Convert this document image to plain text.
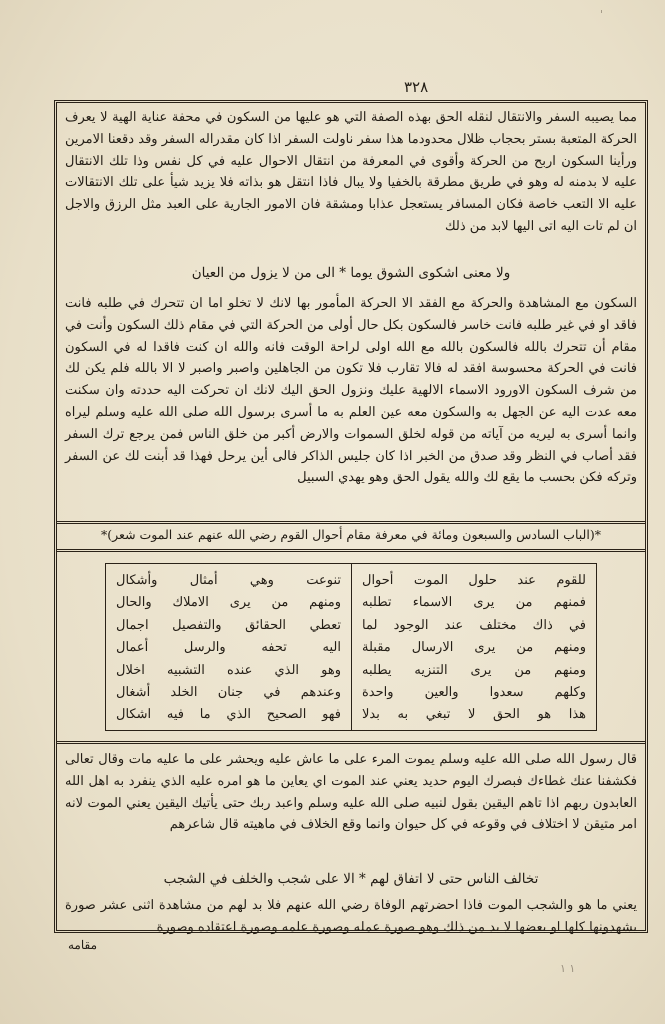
'
١ ١
٣٢٨
مما يصيبه السفر والانتقال لنقله الحق بهذه الصفة التي هو عليها من السكون في محفة عناية الهية لا يعرف الحركة المتعبة بستر بحجاب ظلال محدودما هذا سفر ناولت السفر اذا كان مقدراله السفر وقد دقعنا الامرين ورأينا السكون اربح من الحركة وأقوى في المعرفة من انتقال الاحوال عليه في كل نفس وذا تلك الانتقال عليه لا بدمنه له وهو في طريق مطرقة بالخفيا ولا يبال فاذا انتقل هو بذاته فلا يزيد شيأ على تلك الانتقالات عليه الا التعب خاصة فكان المسافر يستعجل عذابا ومشقة فان الامور الجارية على العبد مثل الرزق والاجل ان لم تات اليه اتى اليها لابد من ذلك
ولا معنى اشكوى الشوق يوما * الى من لا يزول من العيان
السكون مع المشاهدة والحركة مع الفقد الا الحركة المأمور بها لانك لا تخلو اما ان تتحرك في طلبه فانت فاقد او في غير طلبه فانت خاسر فالسكون بكل حال أولى من الحركة التي في مقام ذلك السكون وأنت في مقام أن تتحرك بالله فالسكون بالله مع الله اولى لراحة الوقت فانه والله ان كنت فاقدا له في السكون فانت في الحركة محسوسة افقد له فالا تقارب فلا تكون من الجاهلين واصبر واصبر لا الا بالله فلم يكن لك من شرف السكون الاورود الاسماء الالهية عليك ونزول الحق اليك لانك ان تحركت اليه حددته وان سكنت معه عدت اليه عن الجهل به والسكون معه عين العلم به ما أسرى برسول الله صلى الله عليه وسلم ليراه وانما أسرى به ليريه من آياته من قوله لخلق السموات والارض أكبر من خلق الناس فمن يرجع ترك السفر فقد أصاب في النظر وقد صدق من الخبر اذا كان جليس الذاكر فالى أين يرحل فهذا قد أبنت لك عن السفر وتركه فكن بحسب ما يقع لك والله يقول الحق وهو يهدي السبيل
*(الباب السادس والسبعون ومائة في معرفة مقام أحوال القوم رضي الله عنهم عند الموت شعر)*
للقوم عند حلول الموت أحوال
فمنهم من يرى الاسماء تطلبه
في ذاك مختلف عند الوجود لما
ومنهم من يرى الارسال مقبلة
ومنهم من يرى التنزيه يطلبه
وكلهم سعدوا والعين واحدة
هذا هو الحق لا تبغي به بدلا
تنوعت وهي أمثال وأشكال
ومنهم من يرى الاملاك والحال
تعطي الحقائق والتفصيل اجمال
اليه تحفه والرسل أعمال
وهو الذي عنده التشبيه اخلال
وعندهم في جنان الخلد أشغال
فهو الصحيح الذي ما فيه اشكال
قال رسول الله صلى الله عليه وسلم يموت المرء على ما عاش عليه ويحشر على ما عليه مات وقال تعالى فكشفنا عنك غطاءك فبصرك اليوم حديد يعني عند الموت اي يعاين ما هو امره عليه الذي ينفرد به اهل الله العابدون ربهم اذا تاهم اليقين بقول لنبيه صلى الله عليه وسلم واعبد ربك حتى يأتيك اليقين يعني الموت لانه امر متيقن لا اختلاف في وقوعه في كل حيوان وانما وقع الخلاف في ماهيته قال شاعرهم
تخالف الناس حتى لا اتفاق لهم * الا على شجب والخلف في الشجب
يعني ما هو والشجب الموت فاذا احضرتهم الوفاة رضي الله عنهم فلا بد لهم من مشاهدة اثنى عشر صورة يشهدونها كلها او بعضها لا بد من ذلك وهو صورة عمله وصورة علمه وصورة اعتقاده وصورة
مقامه
